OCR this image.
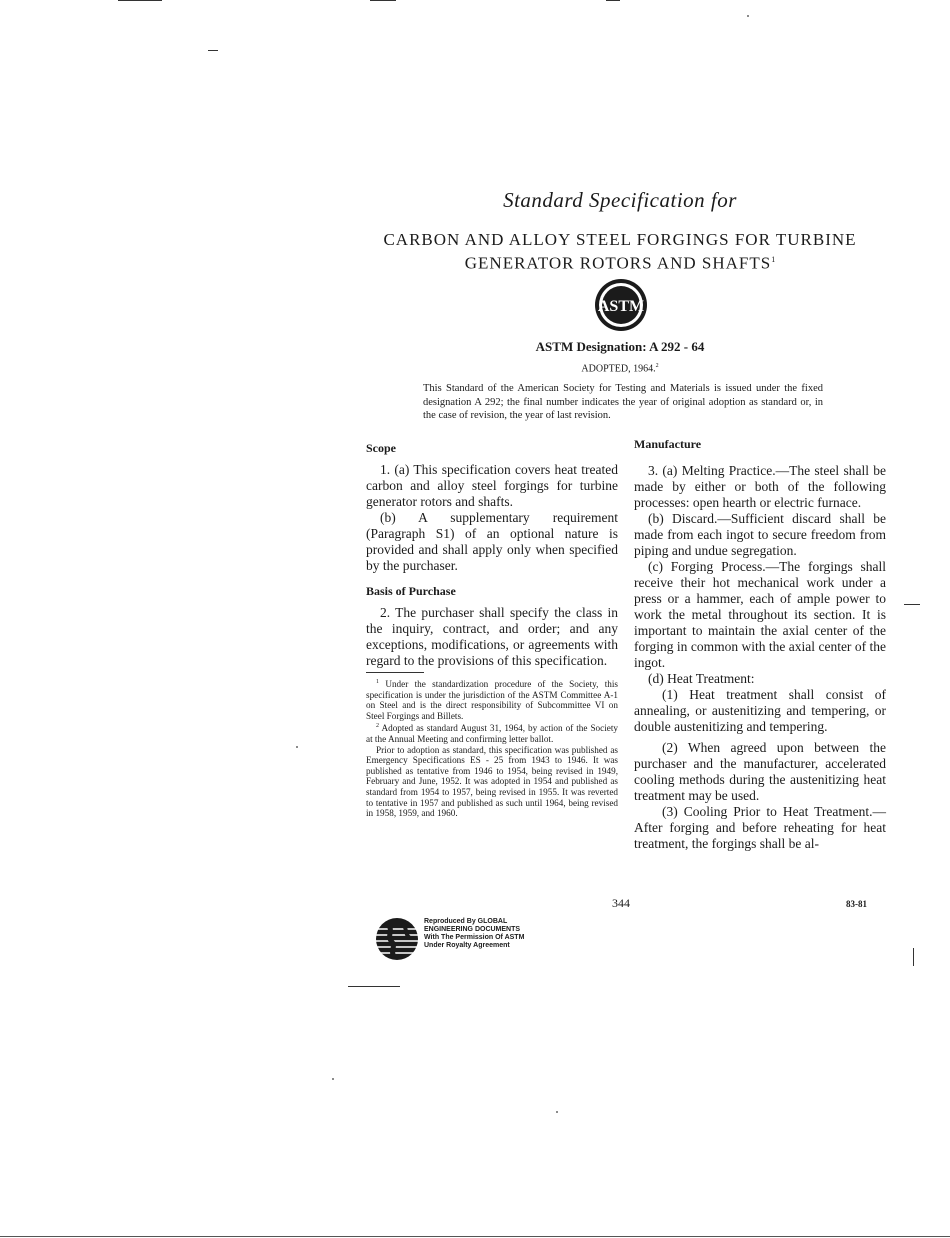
Standard Specification for
CARBON AND ALLOY STEEL FORGINGS FOR TURBINE
GENERATOR ROTORS AND SHAFTS$^1$
ASTM
ASTM Designation: A 292 - 64
ADOPTED, 1964.$^2$
This Standard of the American Society for Testing and Materials is issued under the fixed designation A 292; the final number indicates the year of original adoption as standard or, in the case of revision, the year of last revision.
Scope

1. (a) This specification covers heat treated carbon and alloy steel forgings for turbine generator rotors and shafts.

(b) A supplementary requirement (Paragraph S1) of an optional nature is provided and shall apply only when specified by the purchaser.

Basis of Purchase

2. The purchaser shall specify the class in the inquiry, contract, and order; and any exceptions, modifications, or agreements with regard to the provisions of this specification.

$^1$ Under the standardization procedure of the Society, this specification is under the jurisdiction of the ASTM Committee A-1 on Steel and is the direct responsibility of Subcommittee VI on Steel Forgings and Billets.

$^2$ Adopted as standard August 31, 1964, by action of the Society at the Annual Meeting and confirming letter ballot.

Prior to adoption as standard, this specification was published as Emergency Specifications ES - 25 from 1943 to 1946. It was published as tentative from 1946 to 1954, being revised in 1949, February and June, 1952. It was adopted in 1954 and published as standard from 1954 to 1957, being revised in 1955. It was reverted to tentative in 1957 and published as such until 1964, being revised in 1958, 1959, and 1960.

Manufacture

3. (a) Melting Practice.—The steel shall be made by either or both of the following processes: open hearth or electric furnace.

(b) Discard.—Sufficient discard shall be made from each ingot to secure freedom from piping and undue segregation.

(c) Forging Process.—The forgings shall receive their hot mechanical work under a press or a hammer, each of ample power to work the metal throughout its section. It is important to maintain the axial center of the forging in common with the axial center of the ingot.

(d) Heat Treatment:

(1) Heat treatment shall consist of annealing, or austenitizing and tempering, or double austenitizing and tempering.

(2) When agreed upon between the purchaser and the manufacturer, accelerated cooling methods during the austenitizing heat treatment may be used.

(3) Cooling Prior to Heat Treatment.—After forging and before reheating for heat treatment, the forgings shall be al-

344	83-81
Reproduced By GLOBAL
ENGINEERING DOCUMENTS
With The Permission Of ASTM
Under Royalty Agreement
